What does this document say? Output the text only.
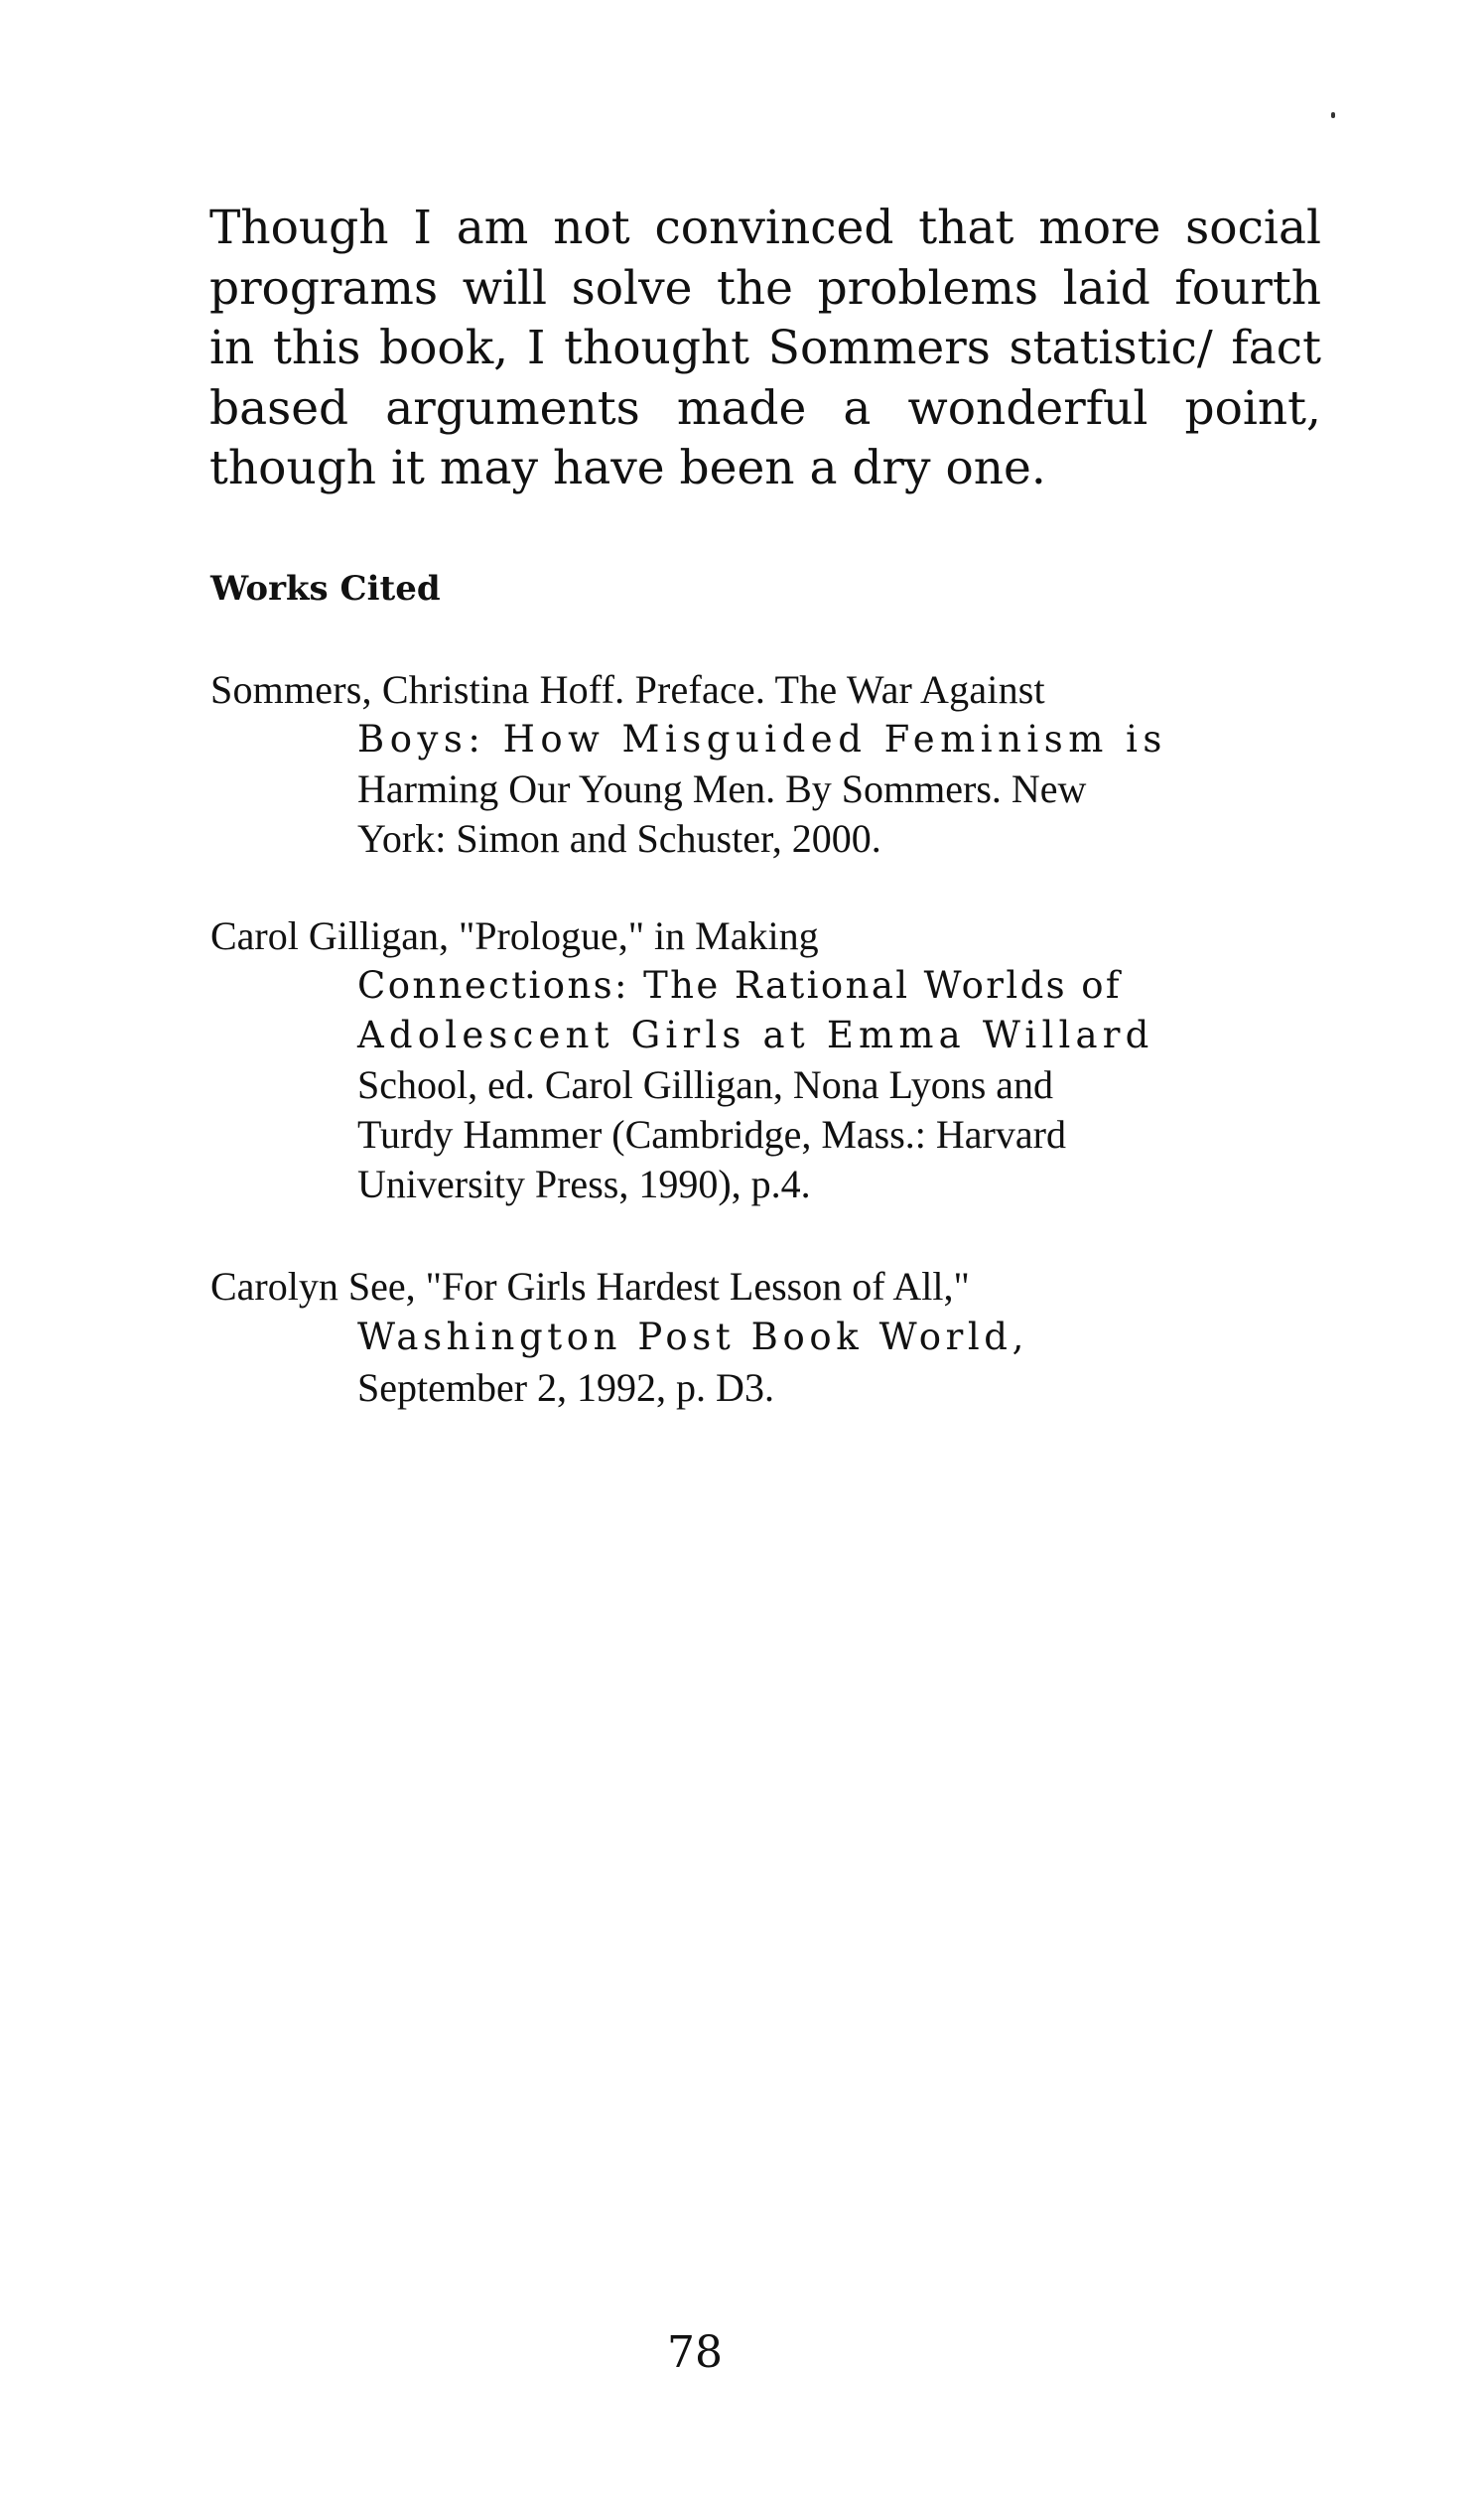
Though I am not convinced that more social programs will solve the problems laid fourth in this book, I thought Sommers statistic/ fact based arguments made a wonderful point, though it may have been a dry one.

Works Cited
Sommers, Christina Hoff. Preface. The War Against
Boys: How Misguided Feminism is
Harming Our Young Men. By Sommers. New
York: Simon and Schuster, 2000.
Carol Gilligan, "Prologue," in Making
Connections: The Rational Worlds of
Adolescent Girls at Emma Willard
School, ed. Carol Gilligan, Nona Lyons and
Turdy Hammer (Cambridge, Mass.: Harvard
University Press, 1990), p.4.
Carolyn See, "For Girls Hardest Lesson of All,"
Washington Post Book World,
September 2, 1992, p. D3.
78
